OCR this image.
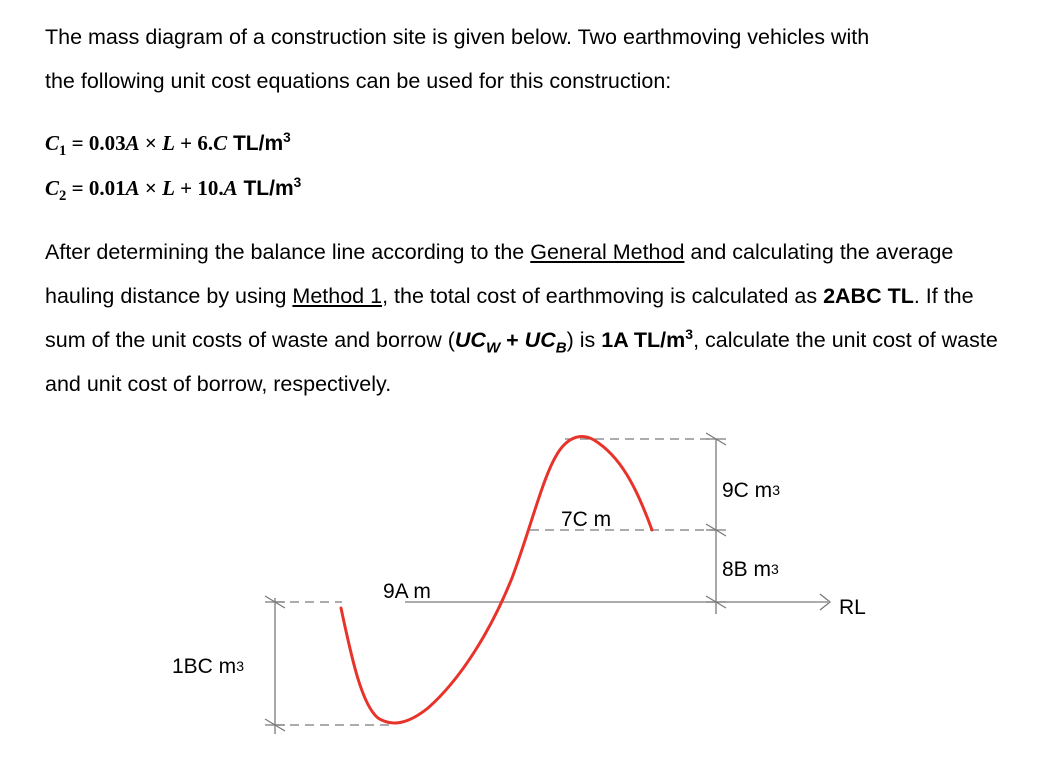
The mass diagram of a construction site is given below. Two earthmoving vehicles with
the following unit cost equations can be used for this construction:

$C_1 = 0.03A \times L + 6.C$ $TL/m^3$
$C_2 = 0.01A \times L + 10.A$ $TL/m^3$

After determining the balance line according to the General Method and calculating the average hauling distance by using Method 1, the total cost of earthmoving is calculated as 2ABC TL. If the sum of the unit costs of waste and borrow $(UC_W + UC_B)$ is 1A $TL/m^3$, calculate the unit cost of waste and unit cost of borrow, respectively.

9A m
7C m
9C m3
8B m3
1BC m3
RL
